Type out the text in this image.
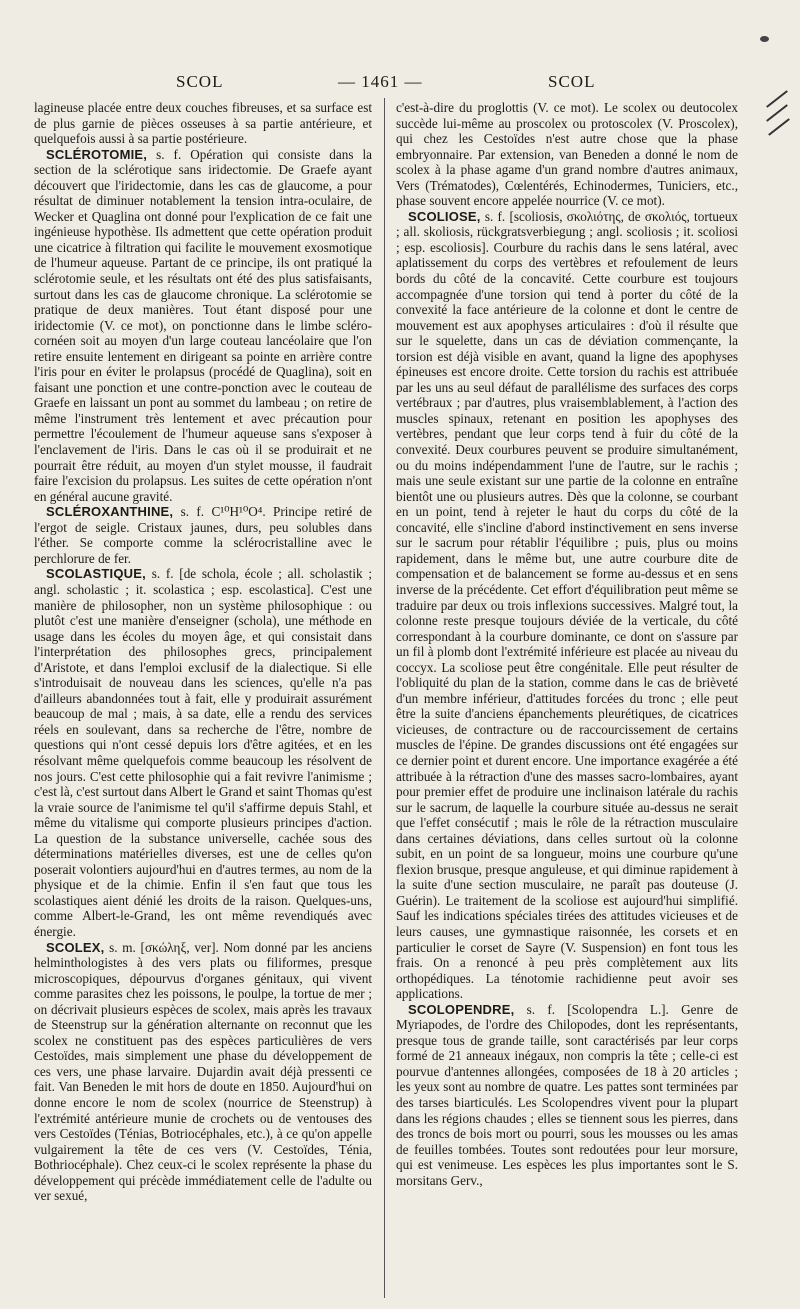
SCOL	— 1461 —	SCOL

lagineuse placée entre deux couches fibreuses, et sa surface est de plus garnie de pièces osseuses à sa partie antérieure, et quelquefois aussi à sa partie postérieure.

SCLÉROTOMIE, s. f. Opération qui consiste dans la section de la sclérotique sans iridectomie. De Graefe ayant découvert que l'iridectomie, dans les cas de glaucome, a pour résultat de diminuer notablement la tension intra-oculaire, de Wecker et Quaglina ont donné pour l'explication de ce fait une ingénieuse hypothèse. Ils admettent que cette opération produit une cicatrice à filtration qui facilite le mouvement exosmotique de l'humeur aqueuse. Partant de ce principe, ils ont pratiqué la sclérotomie seule, et les résultats ont été des plus satisfaisants, surtout dans les cas de glaucome chronique. La sclérotomie se pratique de deux manières. Tout étant disposé pour une iridectomie (V. ce mot), on ponctionne dans le limbe scléro-cornéen soit au moyen d'un large couteau lancéolaire que l'on retire ensuite lentement en dirigeant sa pointe en arrière contre l'iris pour en éviter le prolapsus (procédé de Quaglina), soit en faisant une ponction et une contre-ponction avec le couteau de Graefe en laissant un pont au sommet du lambeau ; on retire de même l'instrument très lentement et avec précaution pour permettre l'écoulement de l'humeur aqueuse sans s'exposer à l'enclavement de l'iris. Dans le cas où il se produirait et ne pourrait être réduit, au moyen d'un stylet mousse, il faudrait faire l'excision du prolapsus. Les suites de cette opération n'ont en général aucune gravité.

SCLÉROXANTHINE, s. f. C¹⁰H¹⁰O⁴. Principe retiré de l'ergot de seigle. Cristaux jaunes, durs, peu solubles dans l'éther. Se comporte comme la sclérocristalline avec le perchlorure de fer.

SCOLASTIQUE, s. f. [de schola, école ; all. scholastik ; angl. scholastic ; it. scolastica ; esp. escolastica]. C'est une manière de philosopher, non un système philosophique : ou plutôt c'est une manière d'enseigner (schola), une méthode en usage dans les écoles du moyen âge, et qui consistait dans l'interprétation des philosophes grecs, principalement d'Aristote, et dans l'emploi exclusif de la dialectique. Si elle s'introduisait de nouveau dans les sciences, qu'elle n'a pas d'ailleurs abandonnées tout à fait, elle y produirait assurément beaucoup de mal ; mais, à sa date, elle a rendu des services réels en soulevant, dans sa recherche de l'être, nombre de questions qui n'ont cessé depuis lors d'être agitées, et en les résolvant même quelquefois comme beaucoup les résolvent de nos jours. C'est cette philosophie qui a fait revivre l'animisme ; c'est là, c'est surtout dans Albert le Grand et saint Thomas qu'est la vraie source de l'animisme tel qu'il s'affirme depuis Stahl, et même du vitalisme qui comporte plusieurs principes d'action. La question de la substance universelle, cachée sous des déterminations matérielles diverses, est une de celles qu'on poserait volontiers aujourd'hui en d'autres termes, au nom de la physique et de la chimie. Enfin il s'en faut que tous les scolastiques aient dénié les droits de la raison. Quelques-uns, comme Albert-le-Grand, les ont même revendiqués avec énergie.

SCOLEX, s. m. [σκώληξ, ver]. Nom donné par les anciens helminthologistes à des vers plats ou filiformes, presque microscopiques, dépourvus d'organes génitaux, qui vivent comme parasites chez les poissons, le poulpe, la tortue de mer ; on décrivait plusieurs espèces de scolex, mais après les travaux de Steenstrup sur la génération alternante on reconnut que les scolex ne constituent pas des espèces particulières de vers Cestoïdes, mais simplement une phase du développement de ces vers, une phase larvaire. Dujardin avait déjà pressenti ce fait. Van Beneden le mit hors de doute en 1850. Aujourd'hui on donne encore le nom de scolex (nourrice de Steenstrup) à l'extrémité antérieure munie de crochets ou de ventouses des vers Cestoïdes (Ténias, Botriocéphales, etc.), à ce qu'on appelle vulgairement la tête de ces vers (V. Cestoïdes, Ténia, Bothriocéphale). Chez ceux-ci le scolex représente la phase du développement qui précède immédiatement celle de l'adulte ou ver sexué,

c'est-à-dire du proglottis (V. ce mot). Le scolex ou deutocolex succède lui-même au proscolex ou protoscolex (V. Proscolex), qui chez les Cestoïdes n'est autre chose que la phase embryonnaire. Par extension, van Beneden a donné le nom de scolex à la phase agame d'un grand nombre d'autres animaux, Vers (Trématodes), Cœlentérés, Echinodermes, Tuniciers, etc., phase souvent encore appelée nourrice (V. ce mot).

SCOLIOSE, s. f. [scoliosis, σκολιότης, de σκολιός, tortueux ; all. skoliosis, rückgratsverbiegung ; angl. scoliosis ; it. scoliosi ; esp. escoliosis]. Courbure du rachis dans le sens latéral, avec aplatissement du corps des vertèbres et refoulement de leurs bords du côté de la concavité. Cette courbure est toujours accompagnée d'une torsion qui tend à porter du côté de la convexité la face antérieure de la colonne et dont le centre de mouvement est aux apophyses articulaires : d'où il résulte que sur le squelette, dans un cas de déviation commençante, la torsion est déjà visible en avant, quand la ligne des apophyses épineuses est encore droite. Cette torsion du rachis est attribuée par les uns au seul défaut de parallélisme des surfaces des corps vertébraux ; par d'autres, plus vraisemblablement, à l'action des muscles spinaux, retenant en position les apophyses des vertèbres, pendant que leur corps tend à fuir du côté de la convexité. Deux courbures peuvent se produire simultanément, ou du moins indépendamment l'une de l'autre, sur le rachis ; mais une seule existant sur une partie de la colonne en entraîne bientôt une ou plusieurs autres. Dès que la colonne, se courbant en un point, tend à rejeter le haut du corps du côté de la concavité, elle s'incline d'abord instinctivement en sens inverse sur le sacrum pour rétablir l'équilibre ; puis, plus ou moins rapidement, dans le même but, une autre courbure dite de compensation et de balancement se forme au-dessus et en sens inverse de la précédente. Cet effort d'équilibration peut même se traduire par deux ou trois inflexions successives. Malgré tout, la colonne reste presque toujours déviée de la verticale, du côté correspondant à la courbure dominante, ce dont on s'assure par un fil à plomb dont l'extrémité inférieure est placée au niveau du coccyx. La scoliose peut être congénitale. Elle peut résulter de l'obliquité du plan de la station, comme dans le cas de brièveté d'un membre inférieur, d'attitudes forcées du tronc ; elle peut être la suite d'anciens épanchements pleurétiques, de cicatrices vicieuses, de contracture ou de raccourcissement de certains muscles de l'épine. De grandes discussions ont été engagées sur ce dernier point et durent encore. Une importance exagérée a été attribuée à la rétraction d'une des masses sacro-lombaires, ayant pour premier effet de produire une inclinaison latérale du rachis sur le sacrum, de laquelle la courbure située au-dessus ne serait que l'effet consécutif ; mais le rôle de la rétraction musculaire dans certaines déviations, dans celles surtout où la colonne subit, en un point de sa longueur, moins une courbure qu'une flexion brusque, presque anguleuse, et qui diminue rapidement à la suite d'une section musculaire, ne paraît pas douteuse (J. Guérin). Le traitement de la scoliose est aujourd'hui simplifié. Sauf les indications spéciales tirées des attitudes vicieuses et de leurs causes, une gymnastique raisonnée, les corsets et en particulier le corset de Sayre (V. Suspension) en font tous les frais. On a renoncé à peu près complètement aux lits orthopédiques. La ténotomie rachidienne peut avoir ses applications.

SCOLOPENDRE, s. f. [Scolopendra L.]. Genre de Myriapodes, de l'ordre des Chilopodes, dont les représentants, presque tous de grande taille, sont caractérisés par leur corps formé de 21 anneaux inégaux, non compris la tête ; celle-ci est pourvue d'antennes allongées, composées de 18 à 20 articles ; les yeux sont au nombre de quatre. Les pattes sont terminées par des tarses biarticulés. Les Scolopendres vivent pour la plupart dans les régions chaudes ; elles se tiennent sous les pierres, dans des troncs de bois mort ou pourri, sous les mousses ou les amas de feuilles tombées. Toutes sont redoutées pour leur morsure, qui est venimeuse. Les espèces les plus importantes sont le S. morsitans Gerv.,
